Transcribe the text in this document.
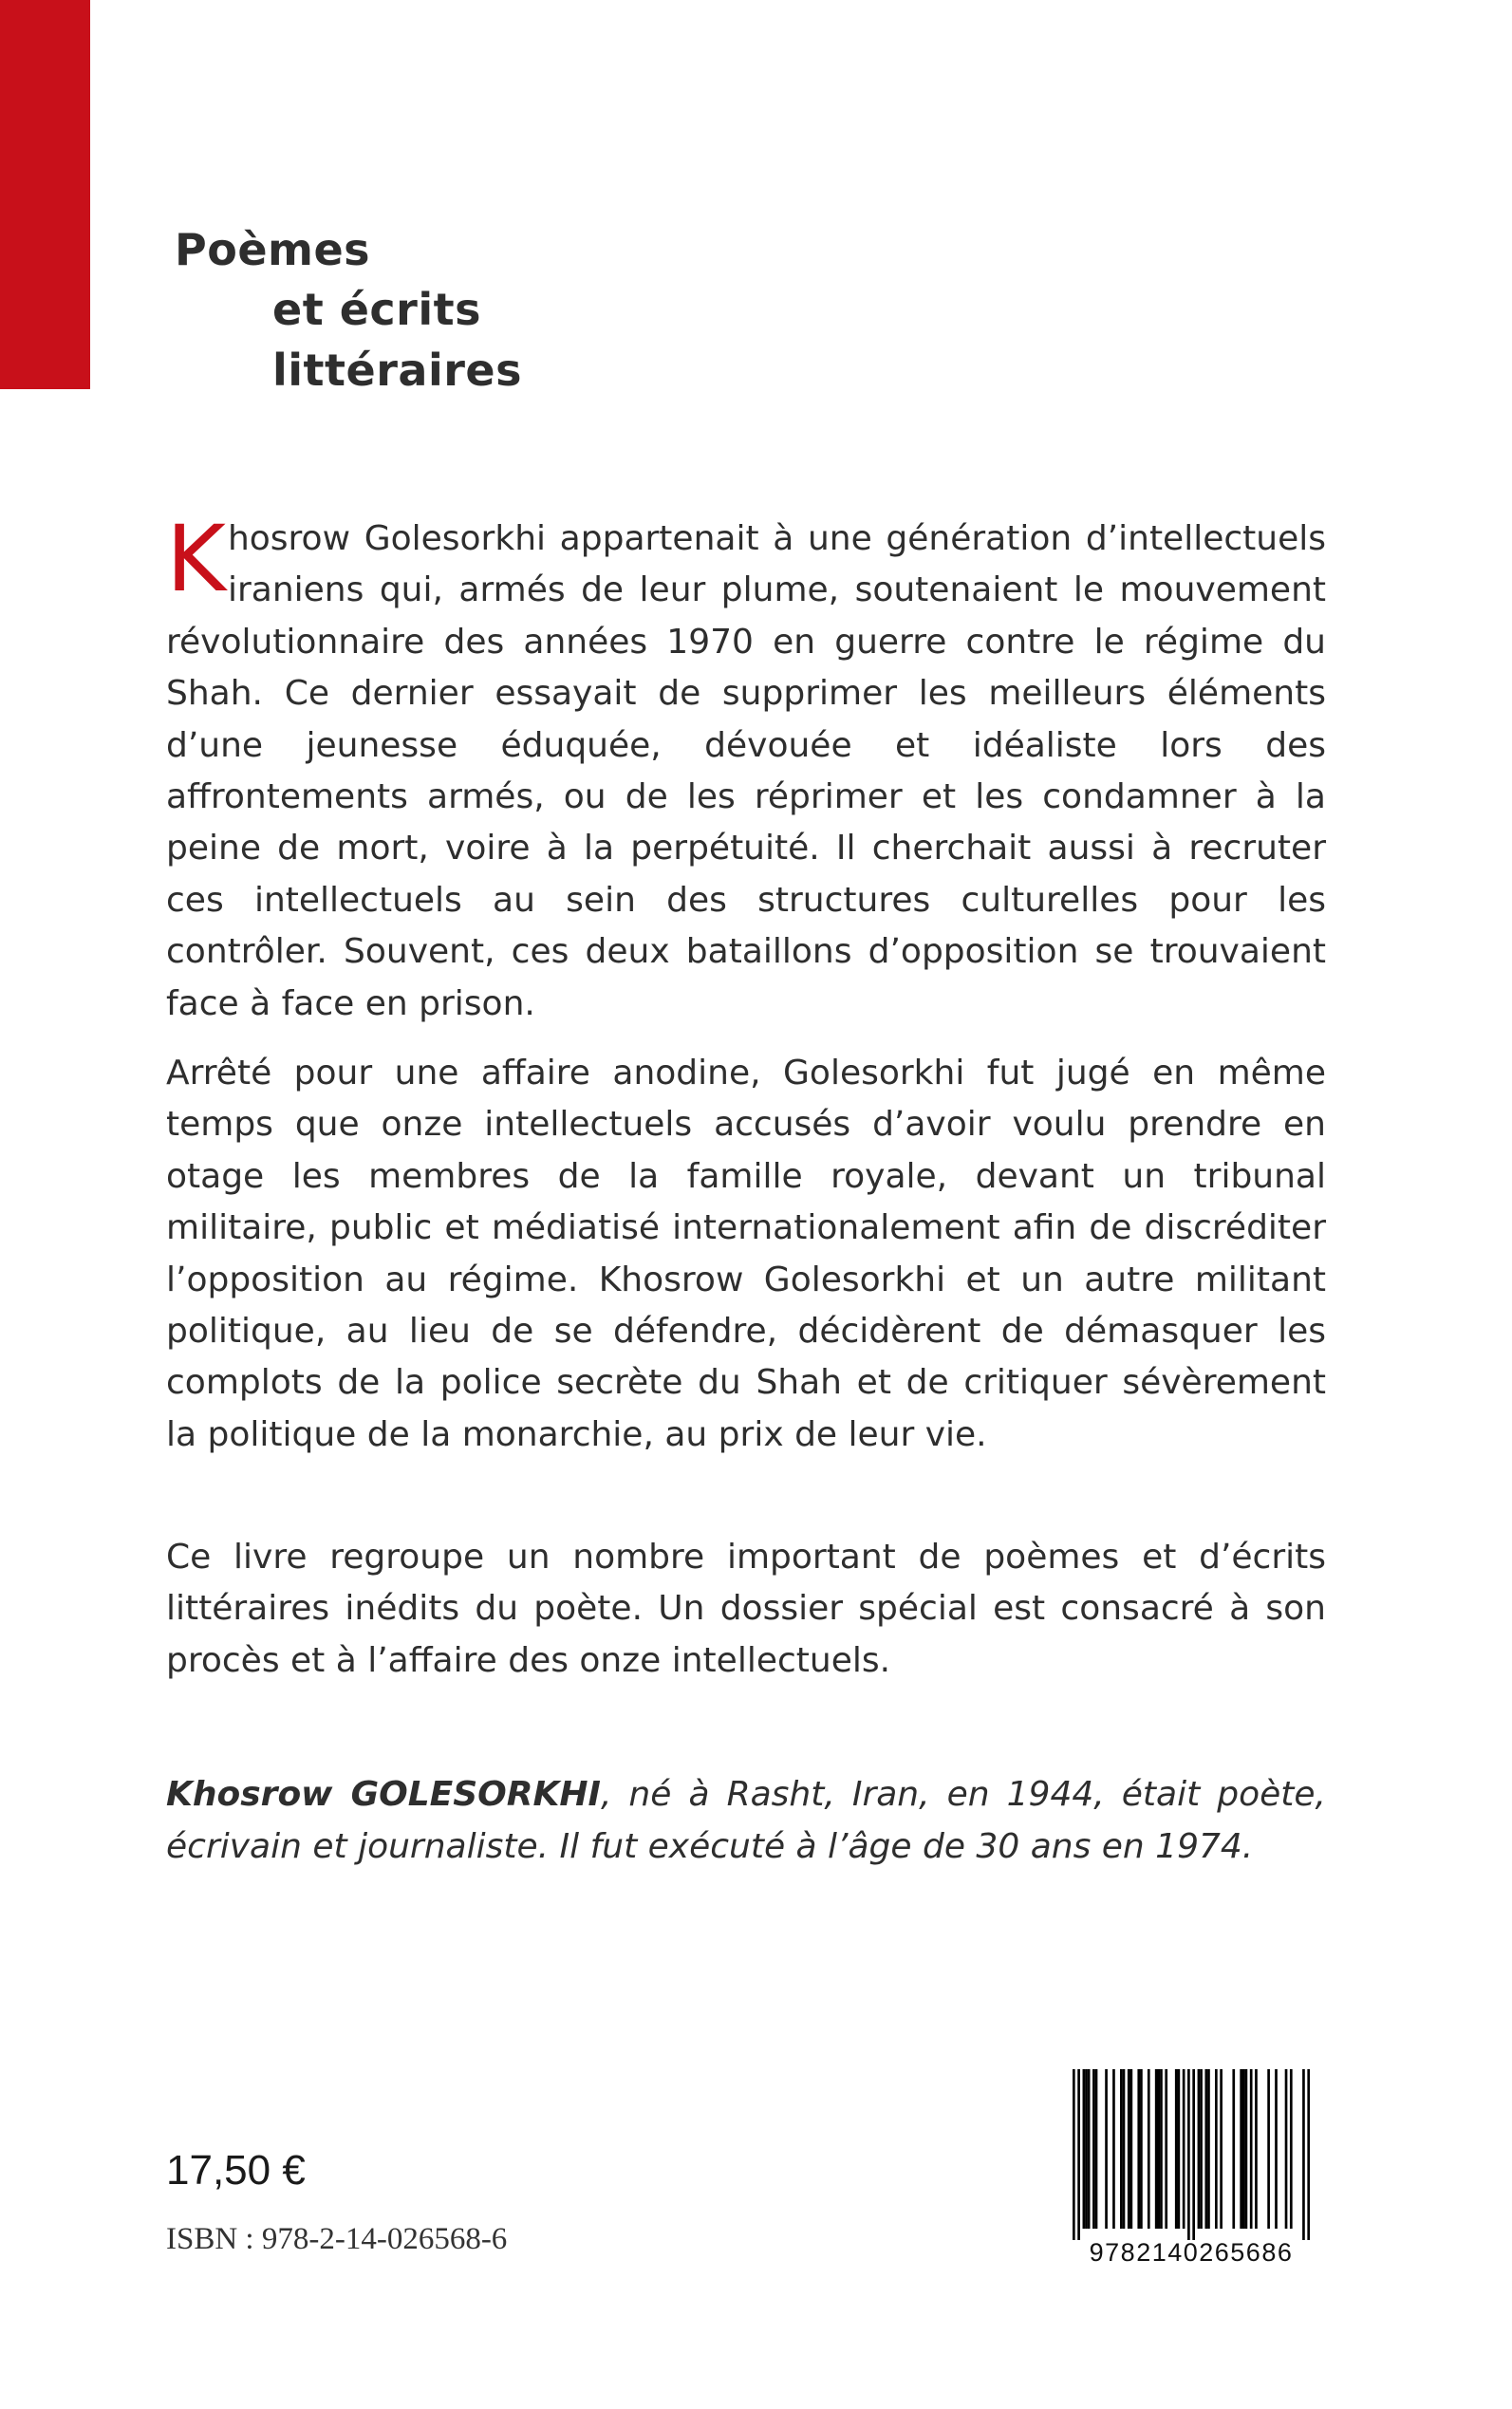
Poèmes
et écrits
littéraires

Khosrow Golesorkhi appartenait à une génération d’intellectuels iraniens qui, armés de leur plume, soutenaient le mouvement révolutionnaire des années 1970 en guerre contre le régime du Shah. Ce dernier essayait de supprimer les meilleurs éléments d’une jeunesse éduquée, dévouée et idéaliste lors des affrontements armés, ou de les réprimer et les condamner à la peine de mort, voire à la perpétuité. Il cherchait aussi à recruter ces intellectuels au sein des structures culturelles pour les contrôler. Souvent, ces deux bataillons d’opposition se trouvaient face à face en prison.

Arrêté pour une affaire anodine, Golesorkhi fut jugé en même temps que onze intellectuels accusés d’avoir voulu prendre en otage les membres de la famille royale, devant un tribunal militaire, public et médiatisé internationalement afin de discréditer l’opposition au régime. Khosrow Golesorkhi et un autre militant politique, au lieu de se défendre, décidèrent de démasquer les complots de la police secrète du Shah et de critiquer sévèrement la politique de la monarchie, au prix de leur vie.

Ce livre regroupe un nombre important de poèmes et d’écrits littéraires inédits du poète. Un dossier spécial est consacré à son procès et à l’affaire des onze intellectuels.

Khosrow GOLESORKHI, né à Rasht, Iran, en 1944, était poète, écrivain et journaliste. Il fut exécuté à l’âge de 30 ans en 1974.

17,50 €
ISBN : 978-2-14-026568-6	9782140265686
